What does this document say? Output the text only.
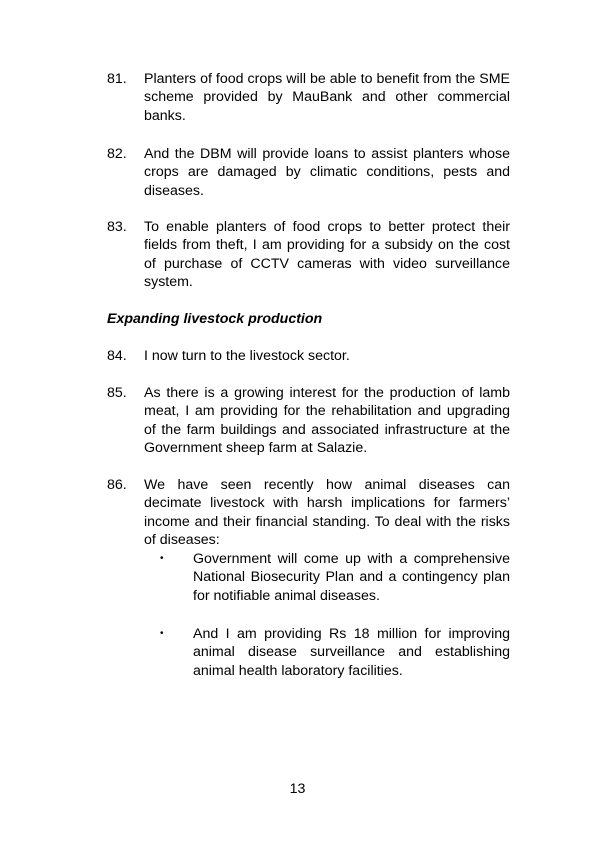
81. Planters of food crops will be able to benefit from the SME scheme provided by MauBank and other commercial banks.
82. And the DBM will provide loans to assist planters whose crops are damaged by climatic conditions, pests and diseases.
83. To enable planters of food crops to better protect their fields from theft, I am providing for a subsidy on the cost of purchase of CCTV cameras with video surveillance system.
Expanding livestock production
84. I now turn to the livestock sector.
85. As there is a growing interest for the production of lamb meat, I am providing for the rehabilitation and upgrading of the farm buildings and associated infrastructure at the Government sheep farm at Salazie.
86. We have seen recently how animal diseases can decimate livestock with harsh implications for farmers’ income and their financial standing. To deal with the risks of diseases:
• Government will come up with a comprehensive National Biosecurity Plan and a contingency plan for notifiable animal diseases.
• And I am providing Rs 18 million for improving animal disease surveillance and establishing animal health laboratory facilities.
13
